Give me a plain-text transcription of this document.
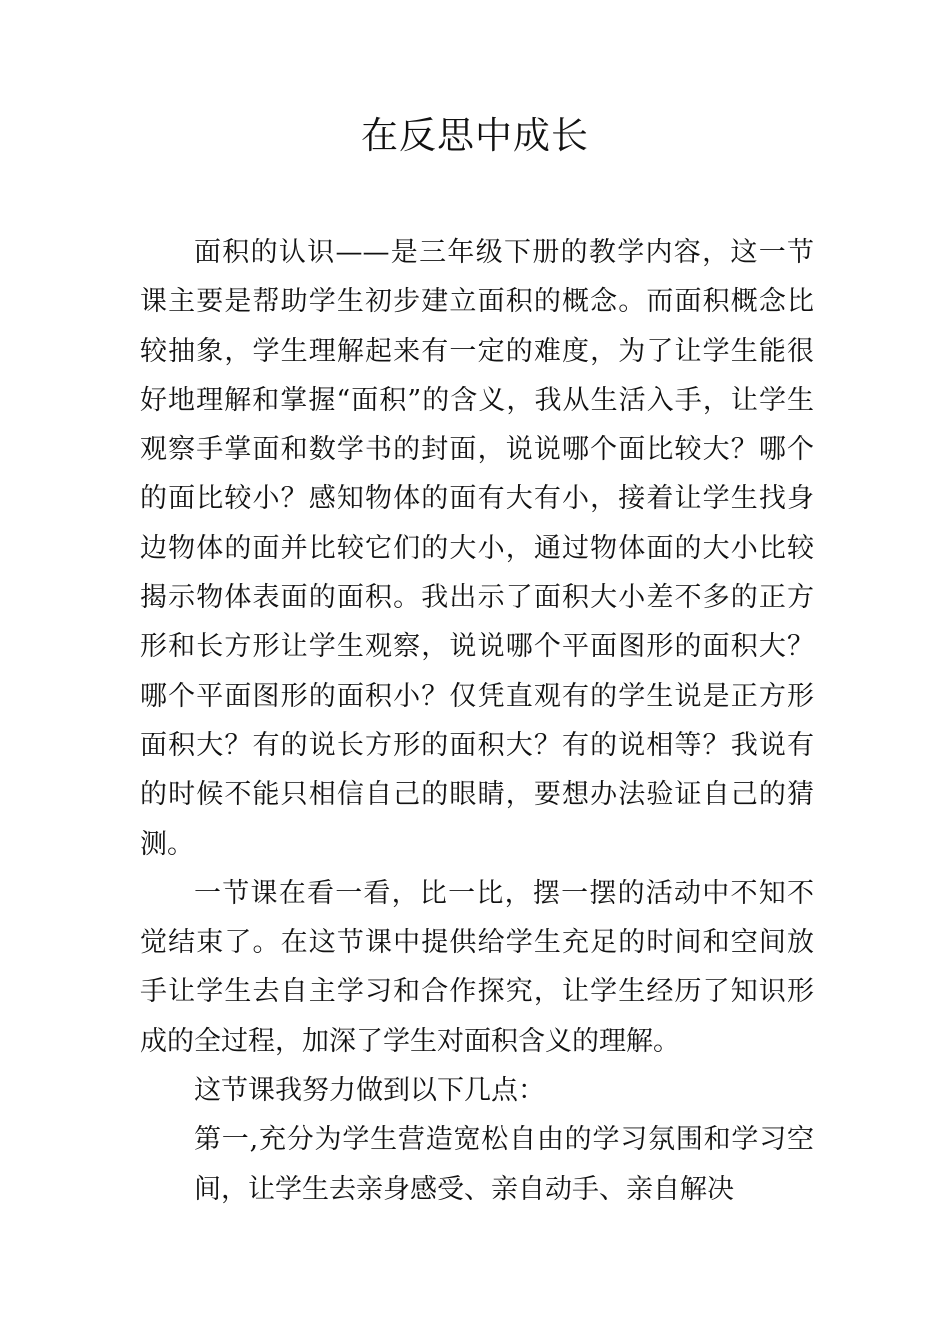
在反思中成长

面积的认识——是三年级下册的教学内容，这一节课主要是帮助学生初步建立面积的概念。而面积概念比较抽象，学生理解起来有一定的难度，为了让学生能很好地理解和掌握“面积”的含义，我从生活入手，让学生观察手掌面和数学书的封面，说说哪个面比较大？哪个的面比较小？感知物体的面有大有小，接着让学生找身边物体的面并比较它们的大小，通过物体面的大小比较揭示物体表面的面积。我出示了面积大小差不多的正方形和长方形让学生观察，说说哪个平面图形的面积大？哪个平面图形的面积小？仅凭直观有的学生说是正方形面积大？有的说长方形的面积大？有的说相等？我说有的时候不能只相信自己的眼睛，要想办法验证自己的猜测。

一节课在看一看，比一比，摆一摆的活动中不知不觉结束了。在这节课中提供给学生充足的时间和空间放手让学生去自主学习和合作探究，让学生经历了知识形成的全过程，加深了学生对面积含义的理解。

这节课我努力做到以下几点：

第一,充分为学生营造宽松自由的学习氛围和学习空间，让学生去亲身感受、亲自动手、亲自解决
